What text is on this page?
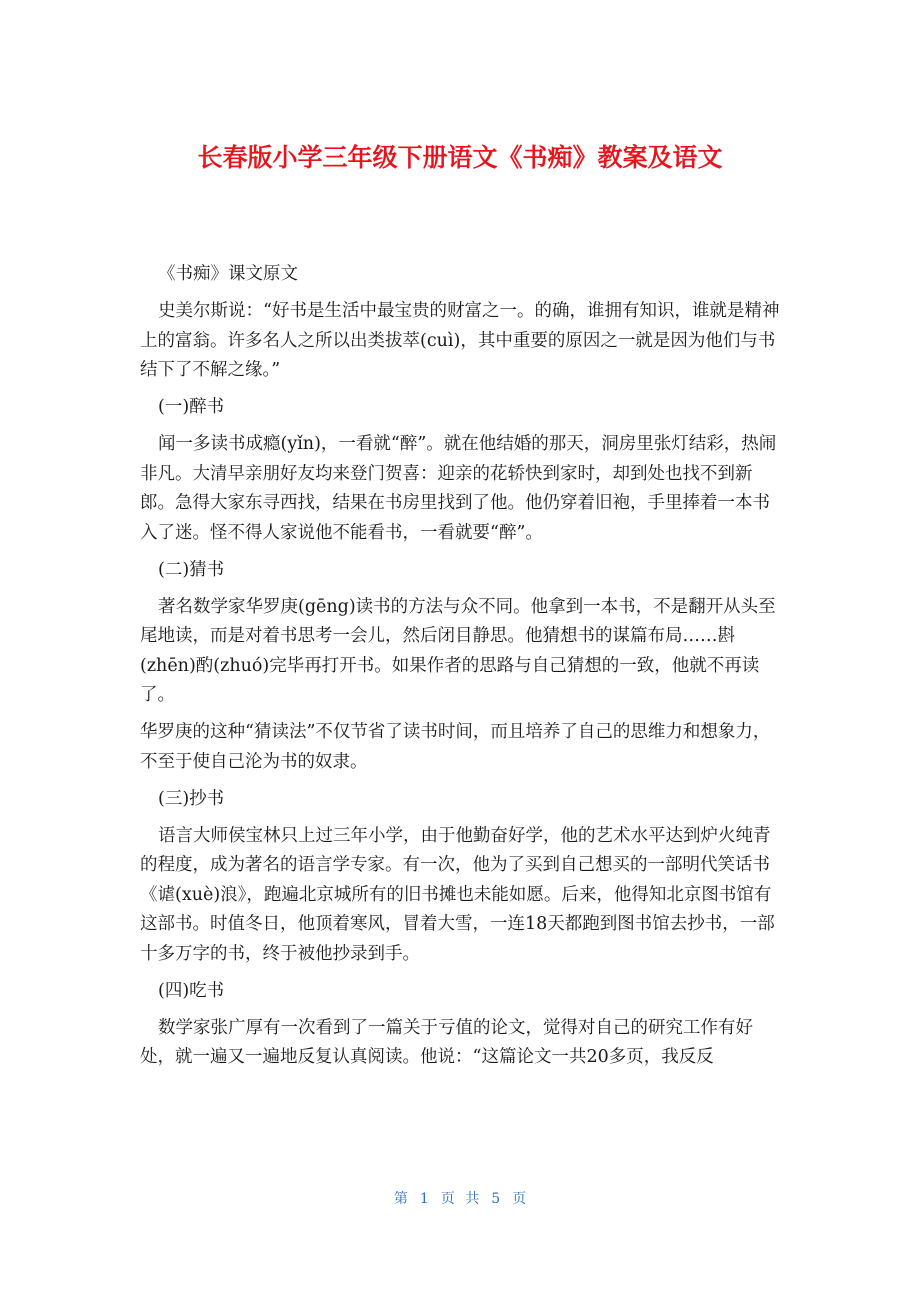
长春版小学三年级下册语文《书痴》教案及语文

《书痴》课文原文

史美尔斯说：“好书是生活中最宝贵的财富之一。的确，谁拥有知识，谁就是精神上的富翁。许多名人之所以出类拔萃(cuì)，其中重要的原因之一就是因为他们与书结下了不解之缘。”

(一)醉书

闻一多读书成瘾(yǐn)，一看就“醉”。就在他结婚的那天，洞房里张灯结彩，热闹非凡。大清早亲朋好友均来登门贺喜：迎亲的花轿快到家时，却到处也找不到新郎。急得大家东寻西找，结果在书房里找到了他。他仍穿着旧袍，手里捧着一本书入了迷。怪不得人家说他不能看书，一看就要“醉”。

(二)猜书

著名数学家华罗庚(gēng)读书的方法与众不同。他拿到一本书，不是翻开从头至尾地读，而是对着书思考一会儿，然后闭目静思。他猜想书的谋篇布局……斟(zhēn)酌(zhuó)完毕再打开书。如果作者的思路与自己猜想的一致，他就不再读了。

华罗庚的这种“猜读法”不仅节省了读书时间，而且培养了自己的思维力和想象力，不至于使自己沦为书的奴隶。

(三)抄书

语言大师侯宝林只上过三年小学，由于他勤奋好学，他的艺术水平达到炉火纯青的程度，成为著名的语言学专家。有一次，他为了买到自己想买的一部明代笑话书《谑(xuè)浪》，跑遍北京城所有的旧书摊也未能如愿。后来，他得知北京图书馆有这部书。时值冬日，他顶着寒风，冒着大雪，一连18天都跑到图书馆去抄书，一部十多万字的书，终于被他抄录到手。

(四)吃书

数学家张广厚有一次看到了一篇关于亏值的论文，觉得对自己的研究工作有好处，就一遍又一遍地反复认真阅读。他说：“这篇论文一共20多页，我反反

第 1 页 共 5 页
